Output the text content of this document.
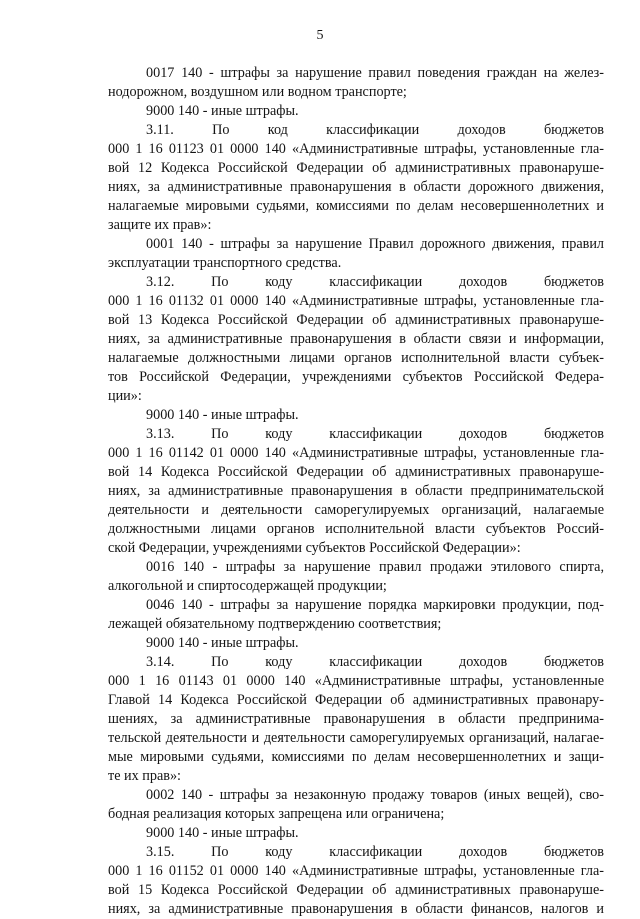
5
0017 140 - штрафы за нарушение правил поведения граждан на желез-
нодорожном, воздушном или водном транспорте;
9000 140 - иные штрафы.
3.11. По код классификации доходов бюджетов
000 1 16 01123 01 0000 140 «Административные штрафы, установленные гла-
вой 12 Кодекса Российской Федерации об административных правонаруше-
ниях, за административные правонарушения в области дорожного движения,
налагаемые мировыми судьями, комиссиями по делам несовершеннолетних и
защите их прав»:
0001 140 - штрафы за нарушение Правил дорожного движения, правил
эксплуатации транспортного средства.
3.12. По коду классификации доходов бюджетов
000 1 16 01132 01 0000 140 «Административные штрафы, установленные гла-
вой 13 Кодекса Российской Федерации об административных правонаруше-
ниях, за административные правонарушения в области связи и информации,
налагаемые должностными лицами органов исполнительной власти субъек-
тов Российской Федерации, учреждениями субъектов Российской Федера-
ции»:
9000 140 - иные штрафы.
3.13. По коду классификации доходов бюджетов
000 1 16 01142 01 0000 140 «Административные штрафы, установленные гла-
вой 14 Кодекса Российской Федерации об административных правонаруше-
ниях, за административные правонарушения в области предпринимательской
деятельности и деятельности саморегулируемых организаций, налагаемые
должностными лицами органов исполнительной власти субъектов Россий-
ской Федерации, учреждениями субъектов Российской Федерации»:
0016 140 - штрафы за нарушение правил продажи этилового спирта,
алкогольной и спиртосодержащей продукции;
0046 140 - штрафы за нарушение порядка маркировки продукции, под-
лежащей обязательному подтверждению соответствия;
9000 140 - иные штрафы.
3.14. По коду классификации доходов бюджетов
000 1 16 01143 01 0000 140 «Административные штрафы, установленные
Главой 14 Кодекса Российской Федерации об административных правонару-
шениях, за административные правонарушения в области предпринима-
тельской деятельности и деятельности саморегулируемых организаций, налагае-
мые мировыми судьями, комиссиями по делам несовершеннолетних и защи-
те их прав»:
0002 140 - штрафы за незаконную продажу товаров (иных вещей), сво-
бодная реализация которых запрещена или ограничена;
9000 140 - иные штрафы.
3.15. По коду классификации доходов бюджетов
000 1 16 01152 01 0000 140 «Административные штрафы, установленные гла-
вой 15 Кодекса Российской Федерации об административных правонаруше-
ниях, за административные правонарушения в области финансов, налогов и
